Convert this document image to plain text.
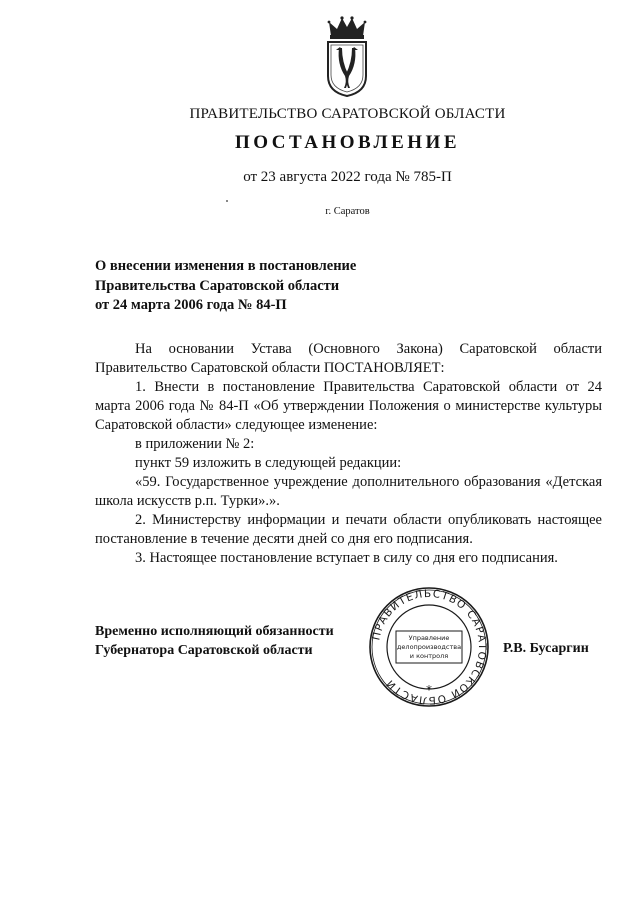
ПРАВИТЕЛЬСТВО САРАТОВСКОЙ ОБЛАСТИ
ПОСТАНОВЛЕНИЕ
от 23 августа 2022 года № 785-П
г. Саратов
О внесении изменения в постановление
Правительства Саратовской области
от 24 марта 2006 года № 84-П

На основании Устава (Основного Закона) Саратовской области Правительство Саратовской области ПОСТАНОВЛЯЕТ:

1. Внести в постановление Правительства Саратовской области от 24 марта 2006 года № 84-П «Об утверждении Положения о министерстве культуры Саратовской области» следующее изменение:

в приложении № 2:

пункт 59 изложить в следующей редакции:

«59. Государственное учреждение дополнительного образования «Детская школа искусств р.п. Турки».».

2. Министерству информации и печати области опубликовать настоящее постановление в течение десяти дней со дня его подписания.

3. Настоящее постановление вступает в силу со дня его подписания.

Временно исполняющий обязанности
Губернатора Саратовской области
ПРАВИТЕЛЬСТВО САРАТОВСКОЙ ОБЛАСТИ
Управление
делопроизводства
и контроля
*
Р.В. Бусаргин
